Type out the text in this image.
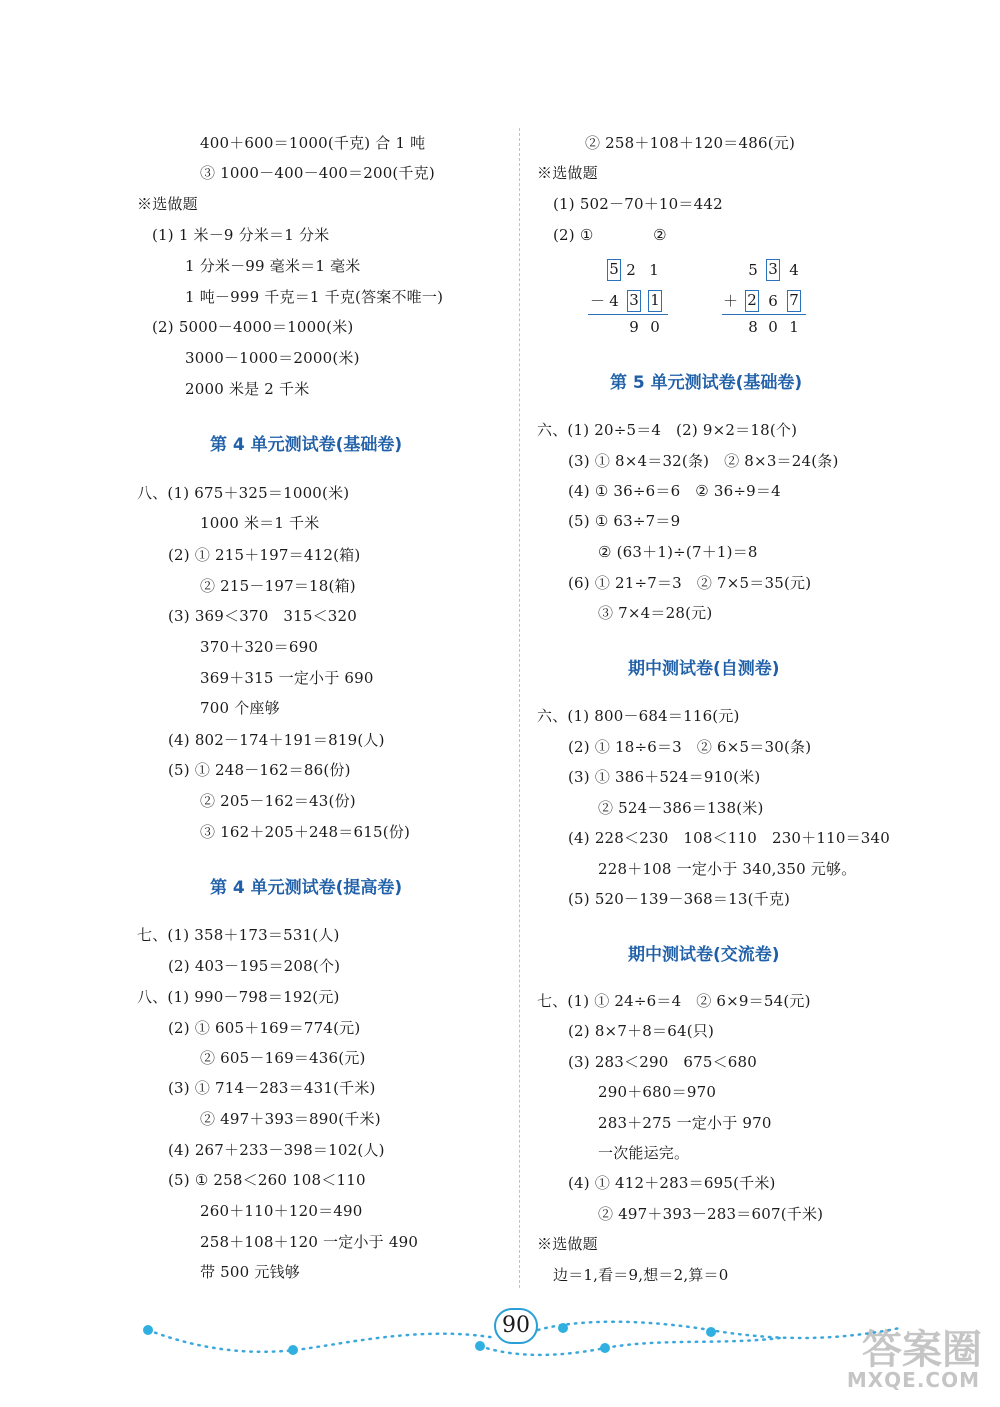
400＋600＝1000(千克) 合 1 吨
③ 1000－400－400＝200(千克)
※选做题
(1) 1 米－9 分米＝1 分米
1 分米－99 毫米＝1 毫米
1 吨－999 千克＝1 千克(答案不唯一)
(2) 5000－4000＝1000(米)
3000－1000＝2000(米)
2000 米是 2 千米
第 4 单元测试卷(基础卷)
八、(1) 675＋325＝1000(米)
1000 米＝1 千米
(2) ① 215＋197＝412(箱)
② 215－197＝18(箱)
(3) 369＜370   315＜320
370＋320＝690
369＋315 一定小于 690
700 个座够
(4) 802－174＋191＝819(人)
(5) ① 248－162＝86(份)
② 205－162＝43(份)
③ 162＋205＋248＝615(份)
第 4 单元测试卷(提高卷)
七、(1) 358＋173＝531(人)
(2) 403－195＝208(个)
八、(1) 990－798＝192(元)
(2) ① 605＋169＝774(元)
② 605－169＝436(元)
(3) ① 714－283＝431(千米)
② 497＋393＝890(千米)
(4) 267＋233－398＝102(人)
(5) ① 258＜260 108＜110
260＋110＋120＝490
258＋108＋120 一定小于 490
带 500 元钱够
② 258＋108＋120＝486(元)
※选做题
(1) 502－70＋10＝442
(2) ①            ②
5 2 1
－ 4 3 1
9 0
5 3 4
＋ 2 6 7
8 0 1
第 5 单元测试卷(基础卷)
六、(1) 20÷5＝4   (2) 9×2＝18(个)
(3) ① 8×4＝32(条)   ② 8×3＝24(条)
(4) ① 36÷6＝6   ② 36÷9＝4
(5) ① 63÷7＝9
② (63＋1)÷(7＋1)＝8
(6) ① 21÷7＝3   ② 7×5＝35(元)
③ 7×4＝28(元)
期中测试卷(自测卷)
六、(1) 800－684＝116(元)
(2) ① 18÷6＝3   ② 6×5＝30(条)
(3) ① 386＋524＝910(米)
② 524－386＝138(米)
(4) 228＜230   108＜110   230＋110＝340
228＋108 一定小于 340,350 元够。
(5) 520－139－368＝13(千克)
期中测试卷(交流卷)
七、(1) ① 24÷6＝4   ② 6×9＝54(元)
(2) 8×7＋8＝64(只)
(3) 283＜290   675＜680
290＋680＝970
283＋275 一定小于 970
一次能运完。
(4) ① 412＋283＝695(千米)
② 497＋393－283＝607(千米)
※选做题
边＝1,看＝9,想＝2,算＝0
90
答案圈
MXQE.COM
